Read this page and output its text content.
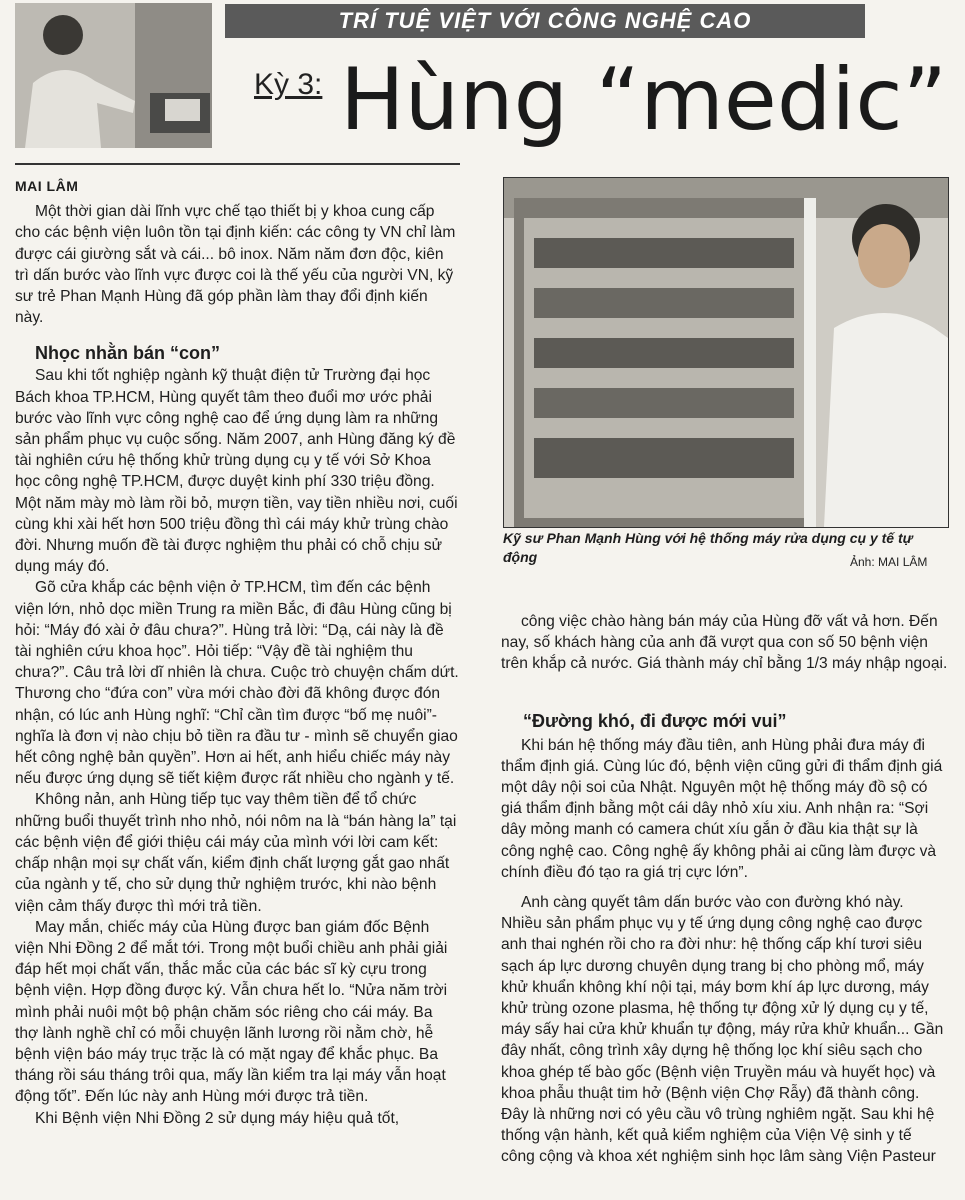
TRÍ TUỆ VIỆT VỚI CÔNG NGHỆ CAO
Kỳ 3: Hùng “medic”

MAI LÂM

Một thời gian dài lĩnh vực chế tạo thiết bị y khoa cung cấp cho các bệnh viện luôn tồn tại định kiến: các công ty VN chỉ làm được cái giường sắt và cái... bô inox. Năm năm đơn độc, kiên trì dấn bước vào lĩnh vực được coi là thế yếu của người VN, kỹ sư trẻ Phan Mạnh Hùng đã góp phần làm thay đổi định kiến này.

Nhọc nhằn bán “con”

Sau khi tốt nghiệp ngành kỹ thuật điện tử Trường đại học Bách khoa TP.HCM, Hùng quyết tâm theo đuổi mơ ước phải bước vào lĩnh vực công nghệ cao để ứng dụng làm ra những sản phẩm phục vụ cuộc sống. Năm 2007, anh Hùng đăng ký đề tài nghiên cứu hệ thống khử trùng dụng cụ y tế với Sở Khoa học công nghệ TP.HCM, được duyệt kinh phí 330 triệu đồng. Một năm mày mò làm rồi bỏ, mượn tiền, vay tiền nhiều nơi, cuối cùng khi xài hết hơn 500 triệu đồng thì cái máy khử trùng chào đời. Nhưng muốn đề tài được nghiệm thu phải có chỗ chịu sử dụng máy đó.

Gõ cửa khắp các bệnh viện ở TP.HCM, tìm đến các bệnh viện lớn, nhỏ dọc miền Trung ra miền Bắc, đi đâu Hùng cũng bị hỏi: “Máy đó xài ở đâu chưa?”. Hùng trả lời: “Dạ, cái này là đề tài nghiên cứu khoa học”. Hỏi tiếp: “Vậy đề tài nghiệm thu chưa?”. Câu trả lời dĩ nhiên là chưa. Cuộc trò chuyện chấm dứt. Thương cho “đứa con” vừa mới chào đời đã không được đón nhận, có lúc anh Hùng nghĩ: “Chỉ cần tìm được “bố mẹ nuôi”- nghĩa là đơn vị nào chịu bỏ tiền ra đầu tư - mình sẽ chuyển giao hết công nghệ bản quyền”. Hơn ai hết, anh hiểu chiếc máy này nếu được ứng dụng sẽ tiết kiệm được rất nhiều cho ngành y tế.

Không nản, anh Hùng tiếp tục vay thêm tiền để tổ chức những buổi thuyết trình nho nhỏ, nói nôm na là “bán hàng la” tại các bệnh viện để giới thiệu cái máy của mình với lời cam kết: chấp nhận mọi sự chất vấn, kiểm định chất lượng gắt gao nhất của ngành y tế, cho sử dụng thử nghiệm trước, khi nào bệnh viện cảm thấy được thì mới trả tiền.

May mắn, chiếc máy của Hùng được ban giám đốc Bệnh viện Nhi Đồng 2 để mắt tới. Trong một buổi chiều anh phải giải đáp hết mọi chất vấn, thắc mắc của các bác sĩ kỳ cựu trong bệnh viện. Hợp đồng được ký. Vẫn chưa hết lo. “Nửa năm trời mình phải nuôi một bộ phận chăm sóc riêng cho cái máy. Ba thợ lành nghề chỉ có mỗi chuyện lãnh lương rồi nằm chờ, hễ bệnh viện báo máy trục trặc là có mặt ngay để khắc phục. Ba tháng rồi sáu tháng trôi qua, mấy lần kiểm tra lại máy vẫn hoạt động tốt”. Đến lúc này anh Hùng mới được trả tiền.

Khi Bệnh viện Nhi Đồng 2 sử dụng máy hiệu quả tốt,

Kỹ sư Phan Mạnh Hùng với hệ thống máy rửa dụng cụ y tế tự động	Ảnh: MAI LÂM

công việc chào hàng bán máy của Hùng đỡ vất vả hơn. Đến nay, số khách hàng của anh đã vượt qua con số 50 bệnh viện trên khắp cả nước. Giá thành máy chỉ bằng 1/3 máy nhập ngoại.

“Đường khó, đi được mới vui”

Khi bán hệ thống máy đầu tiên, anh Hùng phải đưa máy đi thẩm định giá. Cùng lúc đó, bệnh viện cũng gửi đi thẩm định giá một dây nội soi của Nhật. Nguyên một hệ thống máy đồ sộ có giá thẩm định bằng một cái dây nhỏ xíu xiu. Anh nhận ra: “Sợi dây mỏng manh có camera chút xíu gắn ở đầu kia thật sự là công nghệ cao. Công nghệ ấy không phải ai cũng làm được và chính điều đó tạo ra giá trị cực lớn”.

Anh càng quyết tâm dấn bước vào con đường khó này. Nhiều sản phẩm phục vụ y tế ứng dụng công nghệ cao được anh thai nghén rồi cho ra đời như: hệ thống cấp khí tươi siêu sạch áp lực dương chuyên dụng trang bị cho phòng mổ, máy khử khuẩn không khí nội tại, máy bơm khí áp lực dương, máy khử trùng ozone plasma, hệ thống tự động xử lý dụng cụ y tế, máy sấy hai cửa khử khuẩn tự động, máy rửa khử khuẩn... Gần đây nhất, công trình xây dựng hệ thống lọc khí siêu sạch cho khoa ghép tế bào gốc (Bệnh viện Truyền máu và huyết học) và khoa phẫu thuật tim hở (Bệnh viện Chợ Rẫy) đã thành công. Đây là những nơi có yêu cầu vô trùng nghiêm ngặt. Sau khi hệ thống vận hành, kết quả kiểm nghiệm của Viện Vệ sinh y tế công cộng và khoa xét nghiệm sinh học lâm sàng Viện Pasteur
